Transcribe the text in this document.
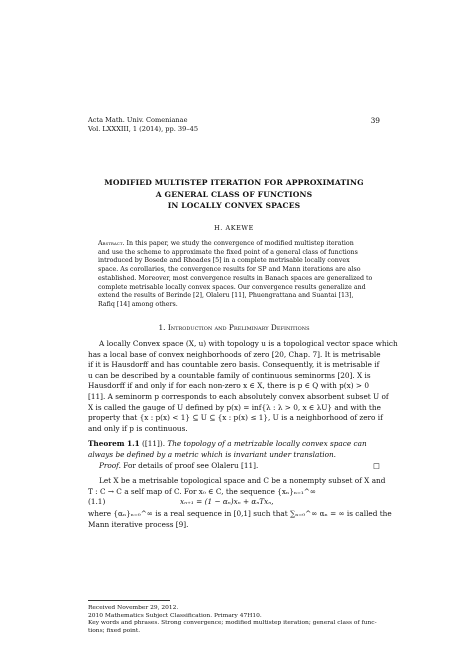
Acta Math. Univ. Comenianae
Vol. LXXXIII, 1 (2014), pp. 39–45
39
MODIFIED MULTISTEP ITERATION FOR APPROXIMATING
A GENERAL CLASS OF FUNCTIONS
IN LOCALLY CONVEX SPACES
H. AKEWE
Abstract. In this paper, we study the convergence of modified multistep iteration
and use the scheme to approximate the fixed point of a general class of functions
introduced by Bosede and Rhoades [5] in a complete metrisable locally convex
space. As corollaries, the convergence results for SP and Mann iterations are also
established. Moreover, most convergence results in Banach spaces are generalized to
complete metrisable locally convex spaces. Our convergence results generalize and
extend the results of Berinde [2], Olaleru [11], Phuengrattana and Suantai [13],
Rafiq [14] among others.
1. Introduction and Preliminary Definitions
A locally Convex space (X, u) with topology u is a topological vector space which
has a local base of convex neighborhoods of zero [20, Chap. 7]. It is metrisable
if it is Hausdorff and has countable zero basis. Consequently, it is metrisable if
u can be described by a countable family of continuous seminorms [20]. X is
Hausdorff if and only if for each non-zero x ∈ X, there is p ∈ Q with p(x) > 0
[11]. A seminorm p corresponds to each absolutely convex absorbent subset U of
X is called the gauge of U defined by p(x) = inf{λ : λ > 0, x ∈ λU} and with the
property that {x : p(x) < 1} ⊆ U ⊆ {x : p(x) ≤ 1}, U is a neighborhood of zero if
and only if p is continuous.
Theorem 1.1 ([11]). The topology of a metrizable locally convex space can
always be defined by a metric which is invariant under translation.
Proof. For details of proof see Olaleru [11].	□
Let X be a metrisable topological space and C be a nonempty subset of X and
T : C → C a self map of C. For x₀ ∈ C, the sequence {xₙ}ₙ₌₁^∞
(1.1)	xₙ₊₁ = (1 − αₙ)xₙ + αₙTxₙ,
where {αₙ}ₙ₌₀^∞ is a real sequence in [0,1] such that ∑ₙ₌₀^∞ αₙ = ∞ is called the
Mann iterative process [9].
Received November 29, 2012.
2010 Mathematics Subject Classification. Primary 47H10.
Key words and phrases. Strong convergence; modified multistep iteration; general class of func-
tions; fixed point.
